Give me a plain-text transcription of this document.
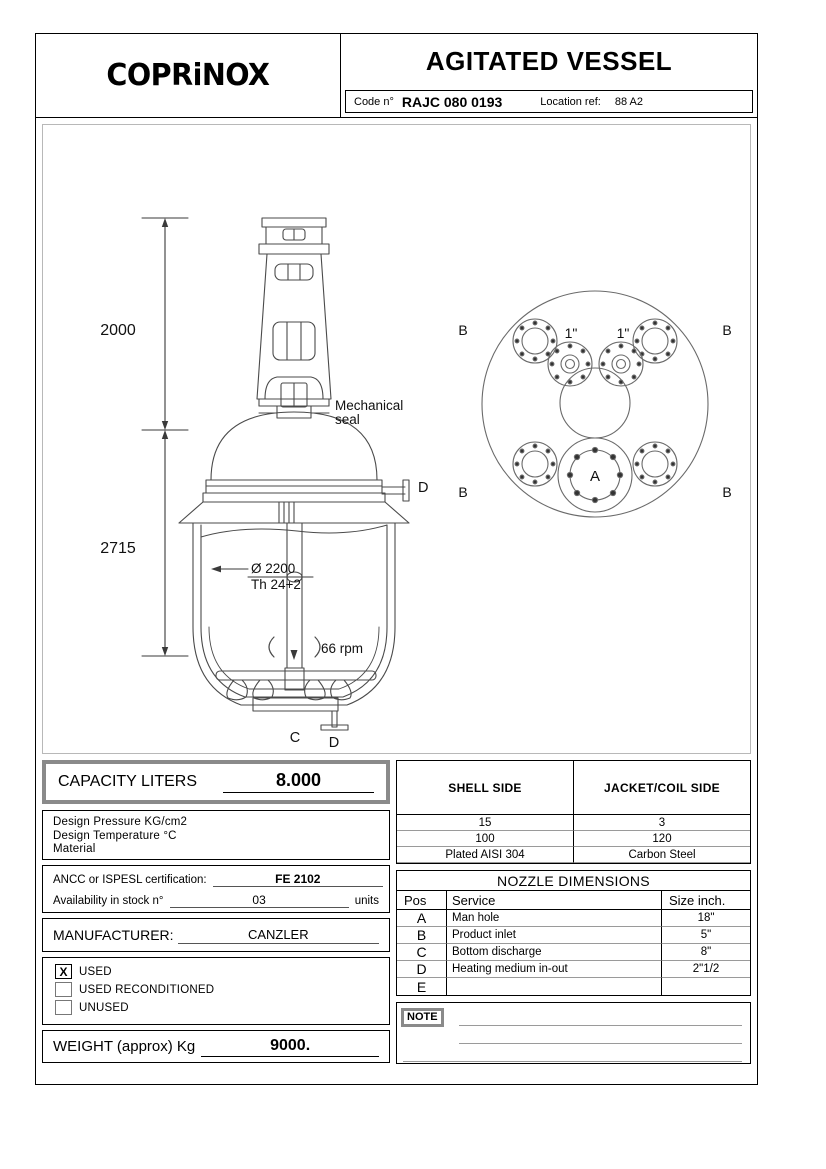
COPRiNOX	AGITATED VESSEL
Code n° RAJC 080 0193	Location ref: 88 A2
2000
2715
Mechanical
seal
Ø 2200
Th 24+2
66 rpm
D
C D
B	B
B	B
1"	1"
A
CAPACITY LITERS	8.000
Design Pressure KG/cm2
Design Temperature °C
Material
ANCC or ISPESL certification:	FE 2102
Availability in stock n°	03	units
MANUFACTURER:	CANZLER
X	USED
USED RECONDITIONED
UNUSED
WEIGHT (approx) Kg	9000.
SHELL SIDE	JACKET/COIL SIDE
15	3
100	120
Plated AISI 304	Carbon Steel
NOZZLE DIMENSIONS
Pos	Service	Size inch.
A	Man hole	18"
B	Product inlet	5"
C	Bottom discharge	8"
D	Heating medium in-out	2"1/2
E
NOTE
